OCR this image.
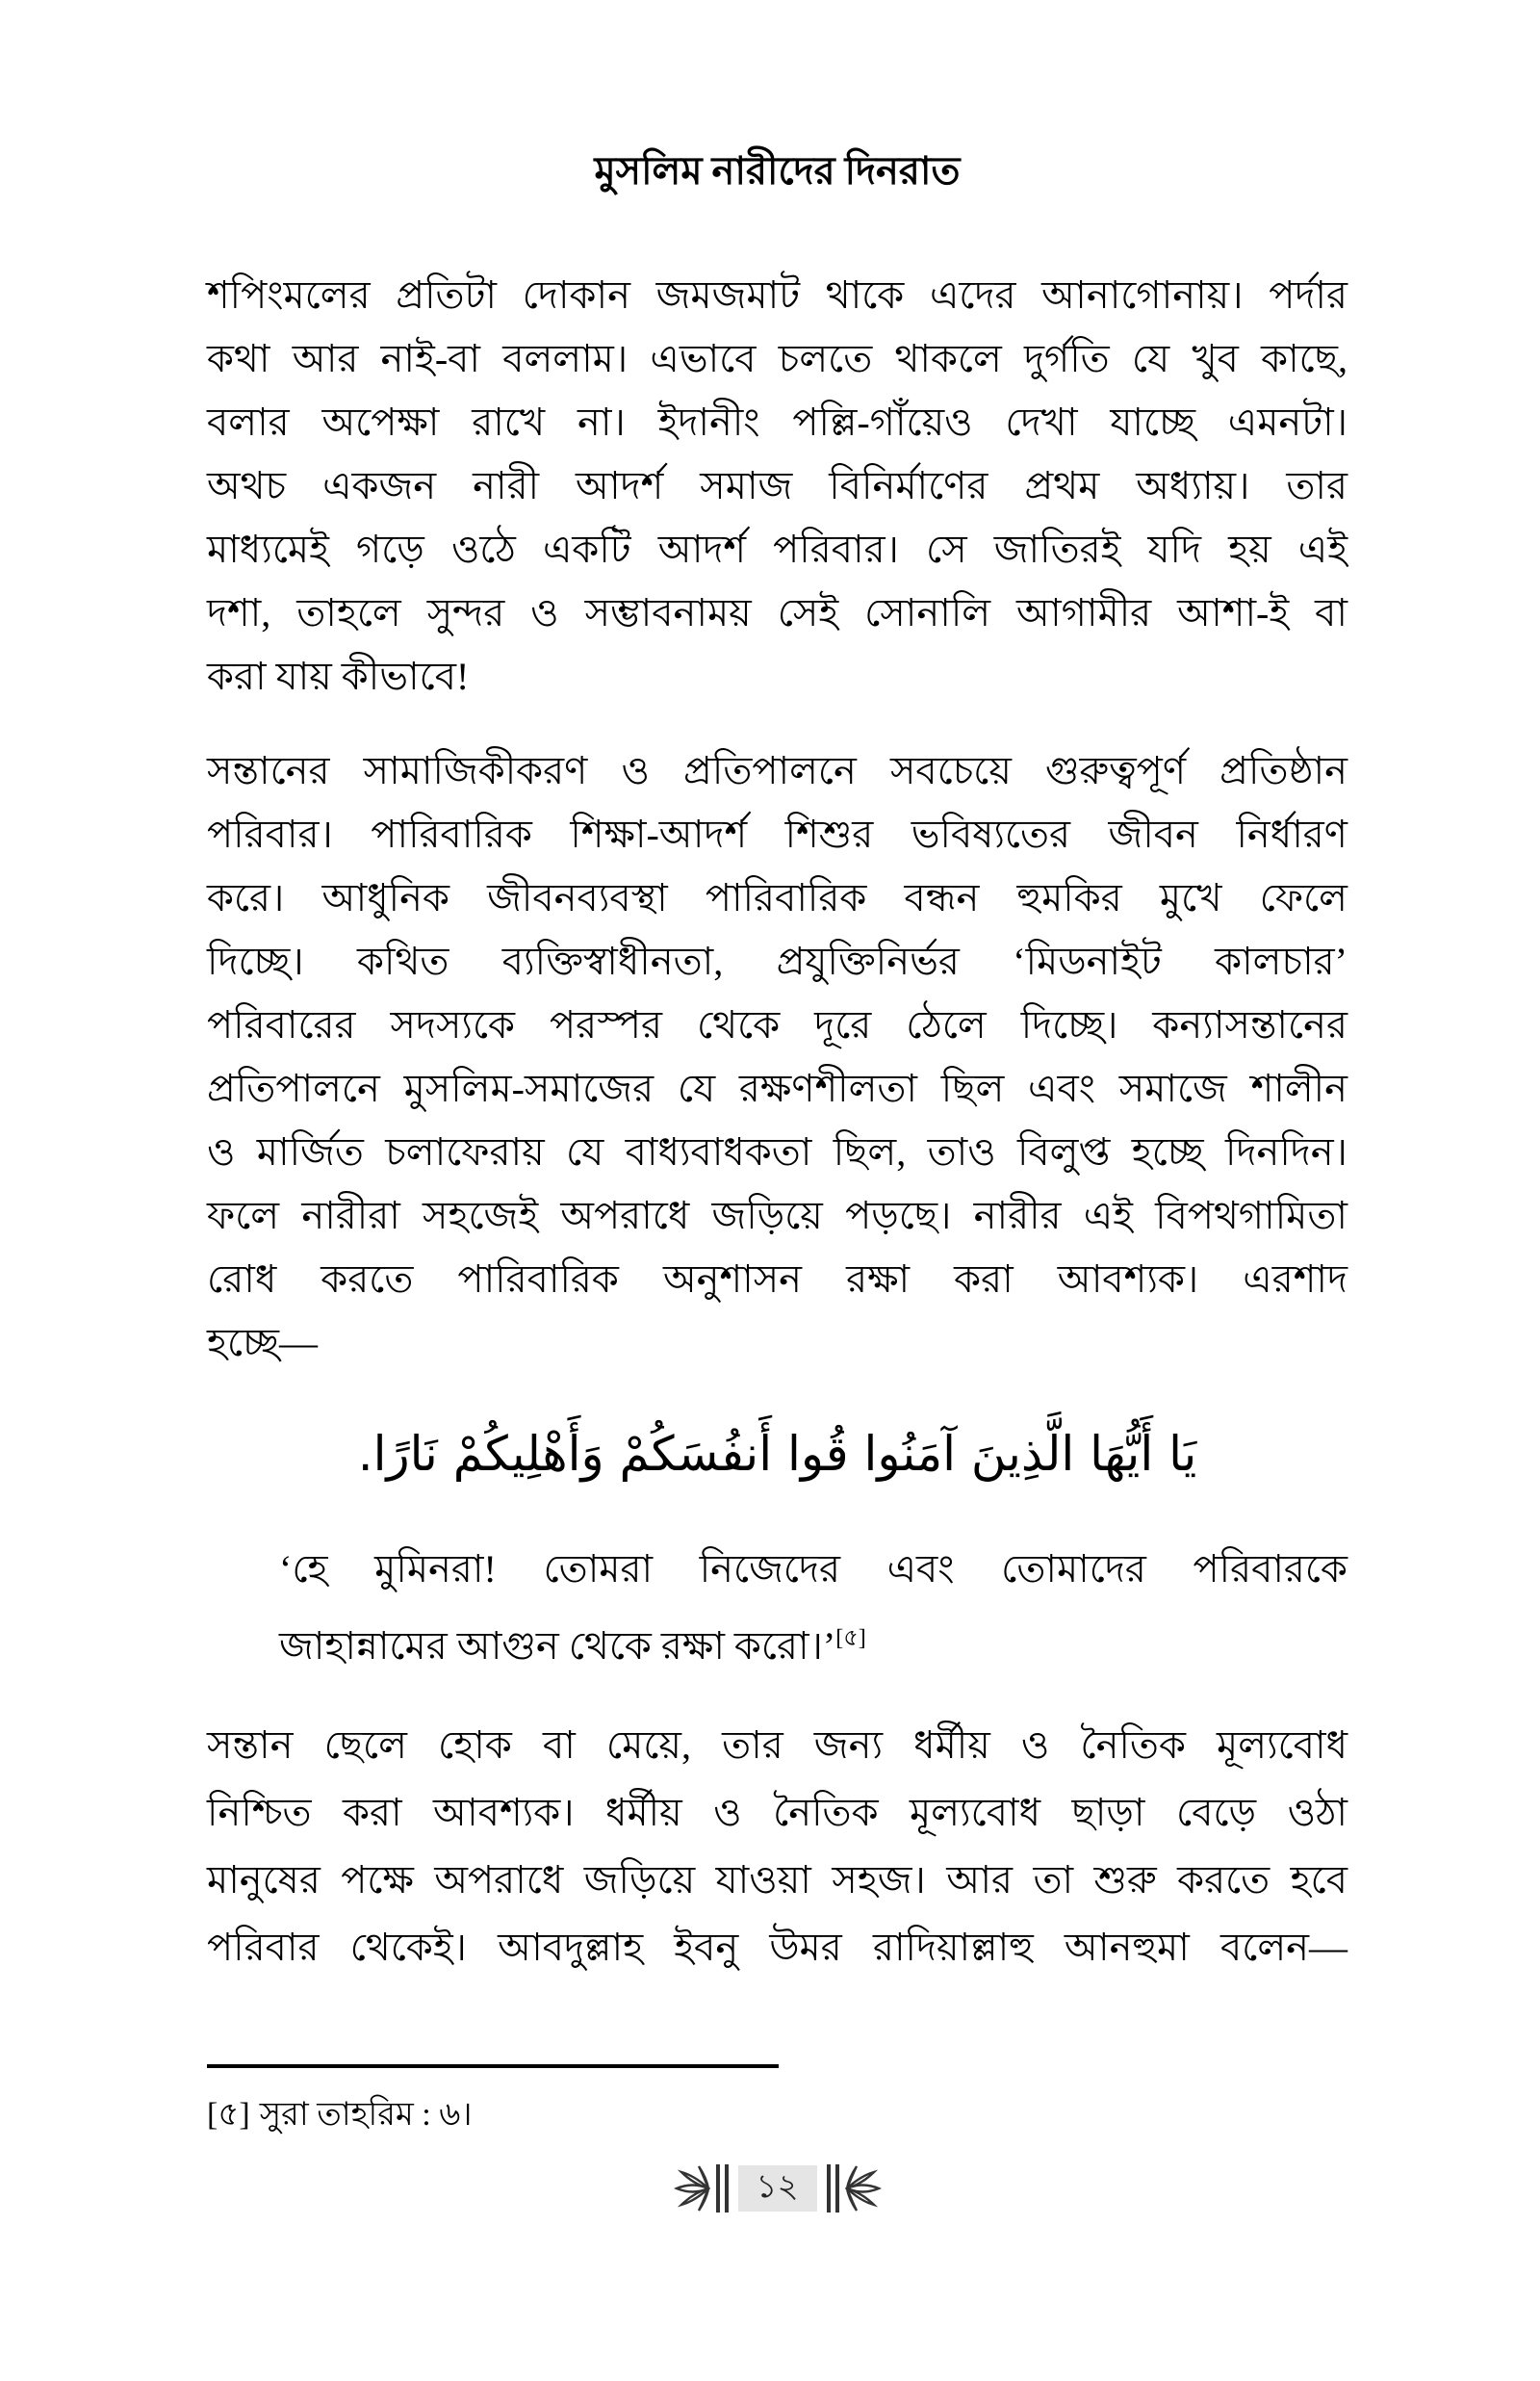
মুসলিম নারীদের দিনরাত
শপিংমলের প্রতিটা দোকান জমজমাট থাকে এদের আনাগোনায়। পর্দার
কথা আর নাই-বা বললাম। এভাবে চলতে থাকলে দুর্গতি যে খুব কাছে,
বলার অপেক্ষা রাখে না। ইদানীং পল্লি-গাঁয়েও দেখা যাচ্ছে এমনটা।
অথচ একজন নারী আদর্শ সমাজ বিনির্মাণের প্রথম অধ্যায়। তার
মাধ্যমেই গড়ে ওঠে একটি আদর্শ পরিবার। সে জাতিরই যদি হয় এই
দশা, তাহলে সুন্দর ও সম্ভাবনাময় সেই সোনালি আগামীর আশা-ই বা
করা যায় কীভাবে!
সন্তানের সামাজিকীকরণ ও প্রতিপালনে সবচেয়ে গুরুত্বপূর্ণ প্রতিষ্ঠান
পরিবার। পারিবারিক শিক্ষা-আদর্শ শিশুর ভবিষ্যতের জীবন নির্ধারণ
করে। আধুনিক জীবনব্যবস্থা পারিবারিক বন্ধন হুমকির মুখে ফেলে
দিচ্ছে। কথিত ব্যক্তিস্বাধীনতা, প্রযুক্তিনির্ভর ‘মিডনাইট কালচার’
পরিবারের সদস্যকে পরস্পর থেকে দূরে ঠেলে দিচ্ছে। কন্যাসন্তানের
প্রতিপালনে মুসলিম-সমাজের যে রক্ষণশীলতা ছিল এবং সমাজে শালীন
ও মার্জিত চলাফেরায় যে বাধ্যবাধকতা ছিল, তাও বিলুপ্ত হচ্ছে দিনদিন।
ফলে নারীরা সহজেই অপরাধে জড়িয়ে পড়ছে। নারীর এই বিপথগামিতা
রোধ করতে পারিবারিক অনুশাসন রক্ষা করা আবশ্যক। এরশাদ
হচ্ছে—
يَا أَيُّهَا الَّذِينَ آمَنُوا قُوا أَنفُسَكُمْ وَأَهْلِيكُمْ نَارًا.
‘হে মুমিনরা! তোমরা নিজেদের এবং তোমাদের পরিবারকে
জাহান্নামের আগুন থেকে রক্ষা করো।’[৫]
সন্তান ছেলে হোক বা মেয়ে, তার জন্য ধর্মীয় ও নৈতিক মূল্যবোধ
নিশ্চিত করা আবশ্যক। ধর্মীয় ও নৈতিক মূল্যবোধ ছাড়া বেড়ে ওঠা
মানুষের পক্ষে অপরাধে জড়িয়ে যাওয়া সহজ। আর তা শুরু করতে হবে
পরিবার থেকেই। আবদুল্লাহ ইবনু উমর রাদিয়াল্লাহু আনহুমা বলেন—
[৫] সুরা তাহরিম : ৬।
১২
